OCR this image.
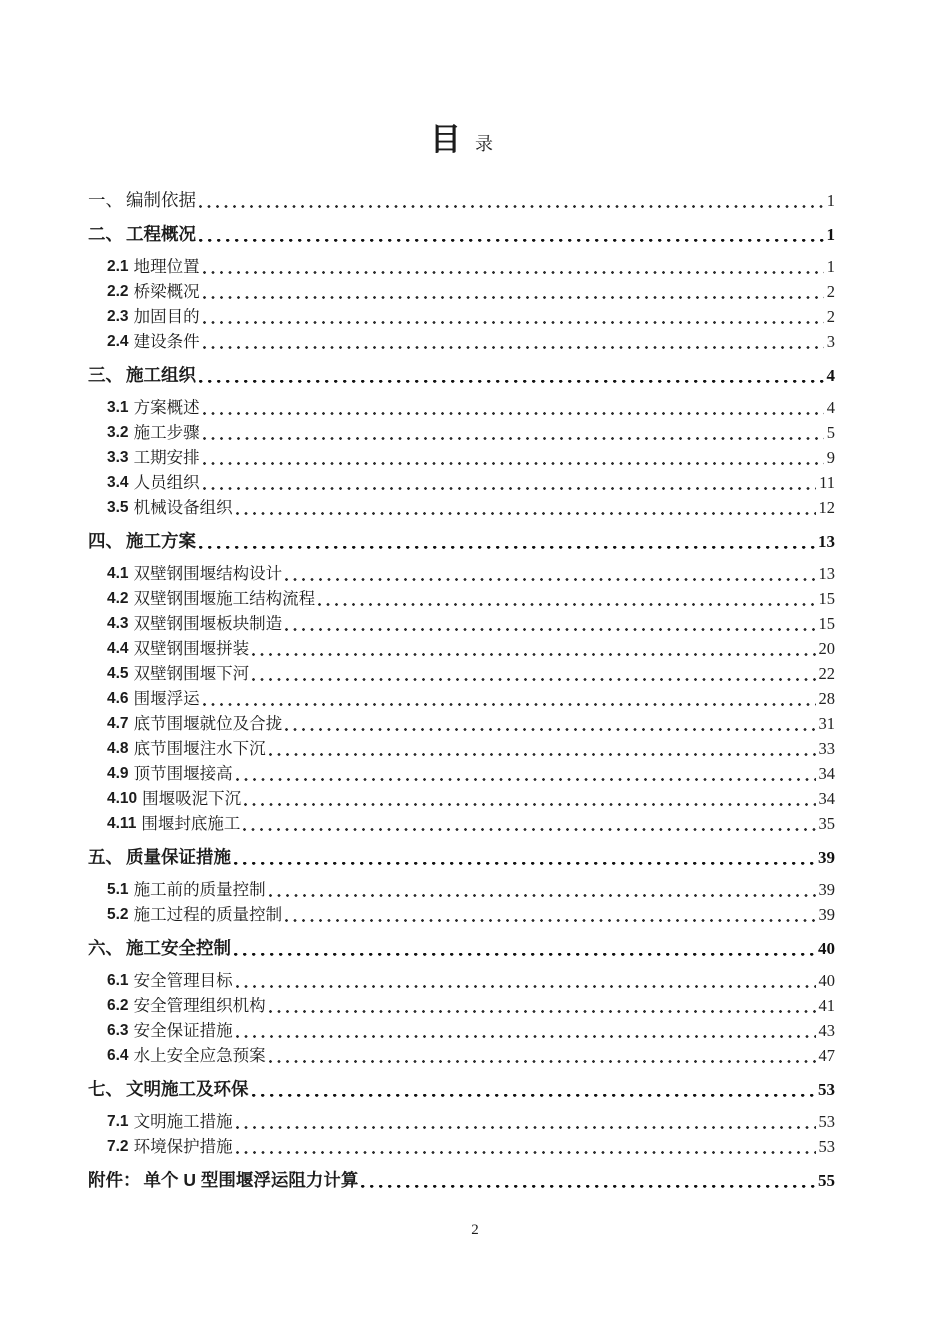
目录
一、 编制依据	1
二、 工程概况	1
2.1 地理位置	1
2.2 桥梁概况	2
2.3 加固目的	2
2.4 建设条件	3
三、 施工组织	4
3.1 方案概述	4
3.2 施工步骤	5
3.3 工期安排	9
3.4 人员组织	11
3.5 机械设备组织	12
四、 施工方案	13
4.1 双壁钢围堰结构设计	13
4.2 双壁钢围堰施工结构流程	15
4.3 双壁钢围堰板块制造	15
4.4 双壁钢围堰拼装	20
4.5 双壁钢围堰下河	22
4.6 围堰浮运	28
4.7 底节围堰就位及合拢	31
4.8 底节围堰注水下沉	33
4.9 顶节围堰接高	34
4.10 围堰吸泥下沉	34
4.11 围堰封底施工	35
五、 质量保证措施	39
5.1 施工前的质量控制	39
5.2 施工过程的质量控制	39
六、 施工安全控制	40
6.1 安全管理目标	40
6.2 安全管理组织机构	41
6.3 安全保证措施	43
6.4 水上安全应急预案	47
七、 文明施工及环保	53
7.1 文明施工措施	53
7.2 环境保护措施	53
附件： 单个 U 型围堰浮运阻力计算	55
2
